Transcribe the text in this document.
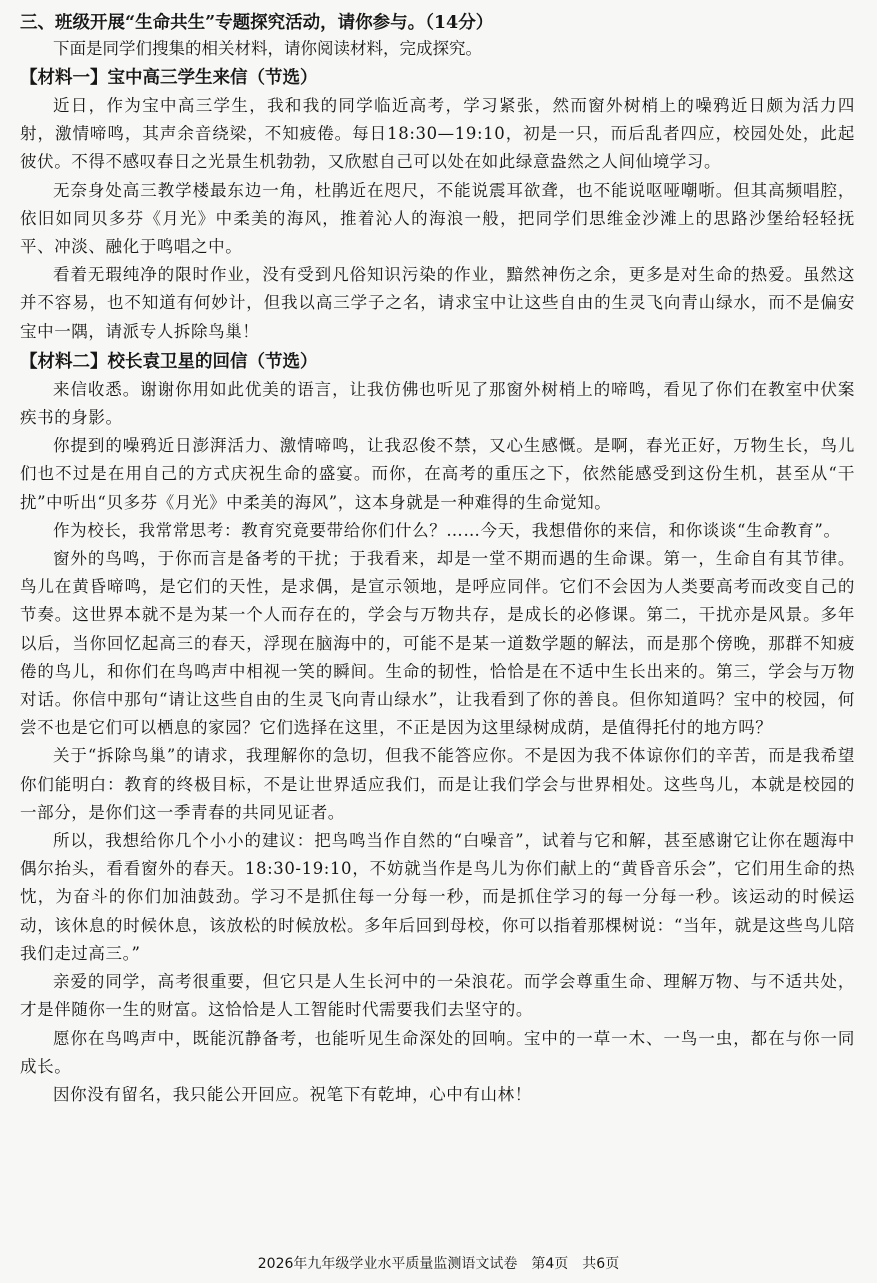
三、班级开展“生命共生”专题探究活动，请你参与。（14分）
下面是同学们搜集的相关材料，请你阅读材料，完成探究。
【材料一】宝中高三学生来信（节选）

近日，作为宝中高三学生，我和我的同学临近高考，学习紧张，然而窗外树梢上的噪鸦近日颇为活力四射，激情啼鸣，其声余音绕梁，不知疲倦。每日18:30—19:10，初是一只，而后乱者四应，校园处处，此起彼伏。不得不感叹春日之光景生机勃勃，又欣慰自己可以处在如此绿意盎然之人间仙境学习。

无奈身处高三教学楼最东边一角，杜鹃近在咫尺，不能说震耳欲聋，也不能说呕哑嘲哳。但其高频唱腔，依旧如同贝多芬《月光》中柔美的海风，推着沁人的海浪一般，把同学们思维金沙滩上的思路沙堡给轻轻抚平、冲淡、融化于鸣唱之中。

看着无瑕纯净的限时作业，没有受到凡俗知识污染的作业，黯然神伤之余，更多是对生命的热爱。虽然这并不容易，也不知道有何妙计，但我以高三学子之名，请求宝中让这些自由的生灵飞向青山绿水，而不是偏安宝中一隅，请派专人拆除鸟巢！

【材料二】校长袁卫星的回信（节选）

来信收悉。谢谢你用如此优美的语言，让我仿佛也听见了那窗外树梢上的啼鸣，看见了你们在教室中伏案疾书的身影。

你提到的噪鸦近日澎湃活力、激情啼鸣，让我忍俊不禁，又心生感慨。是啊，春光正好，万物生长，鸟儿们也不过是在用自己的方式庆祝生命的盛宴。而你，在高考的重压之下，依然能感受到这份生机，甚至从“干扰”中听出“贝多芬《月光》中柔美的海风”，这本身就是一种难得的生命觉知。

作为校长，我常常思考：教育究竟要带给你们什么？……今天，我想借你的来信，和你谈谈“生命教育”。

窗外的鸟鸣，于你而言是备考的干扰；于我看来，却是一堂不期而遇的生命课。第一，生命自有其节律。鸟儿在黄昏啼鸣，是它们的天性，是求偶，是宣示领地，是呼应同伴。它们不会因为人类要高考而改变自己的节奏。这世界本就不是为某一个人而存在的，学会与万物共存，是成长的必修课。第二，干扰亦是风景。多年以后，当你回忆起高三的春天，浮现在脑海中的，可能不是某一道数学题的解法，而是那个傍晚，那群不知疲倦的鸟儿，和你们在鸟鸣声中相视一笑的瞬间。生命的韧性，恰恰是在不适中生长出来的。第三，学会与万物对话。你信中那句“请让这些自由的生灵飞向青山绿水”，让我看到了你的善良。但你知道吗？宝中的校园，何尝不也是它们可以栖息的家园？它们选择在这里，不正是因为这里绿树成荫，是值得托付的地方吗？

关于“拆除鸟巢”的请求，我理解你的急切，但我不能答应你。不是因为我不体谅你们的辛苦，而是我希望你们能明白：教育的终极目标，不是让世界适应我们，而是让我们学会与世界相处。这些鸟儿，本就是校园的一部分，是你们这一季青春的共同见证者。

所以，我想给你几个小小的建议：把鸟鸣当作自然的“白噪音”，试着与它和解，甚至感谢它让你在题海中偶尔抬头，看看窗外的春天。18:30-19:10，不妨就当作是鸟儿为你们献上的“黄昏音乐会”，它们用生命的热忱，为奋斗的你们加油鼓劲。学习不是抓住每一分每一秒，而是抓住学习的每一分每一秒。该运动的时候运动，该休息的时候休息，该放松的时候放松。多年后回到母校，你可以指着那棵树说：“当年，就是这些鸟儿陪我们走过高三。”

亲爱的同学，高考很重要，但它只是人生长河中的一朵浪花。而学会尊重生命、理解万物、与不适共处，才是伴随你一生的财富。这恰恰是人工智能时代需要我们去坚守的。

愿你在鸟鸣声中，既能沉静备考，也能听见生命深处的回响。宝中的一草一木、一鸟一虫，都在与你一同成长。

因你没有留名，我只能公开回应。祝笔下有乾坤，心中有山林！

2026年九年级学业水平质量监测语文试卷　第4页　共6页
